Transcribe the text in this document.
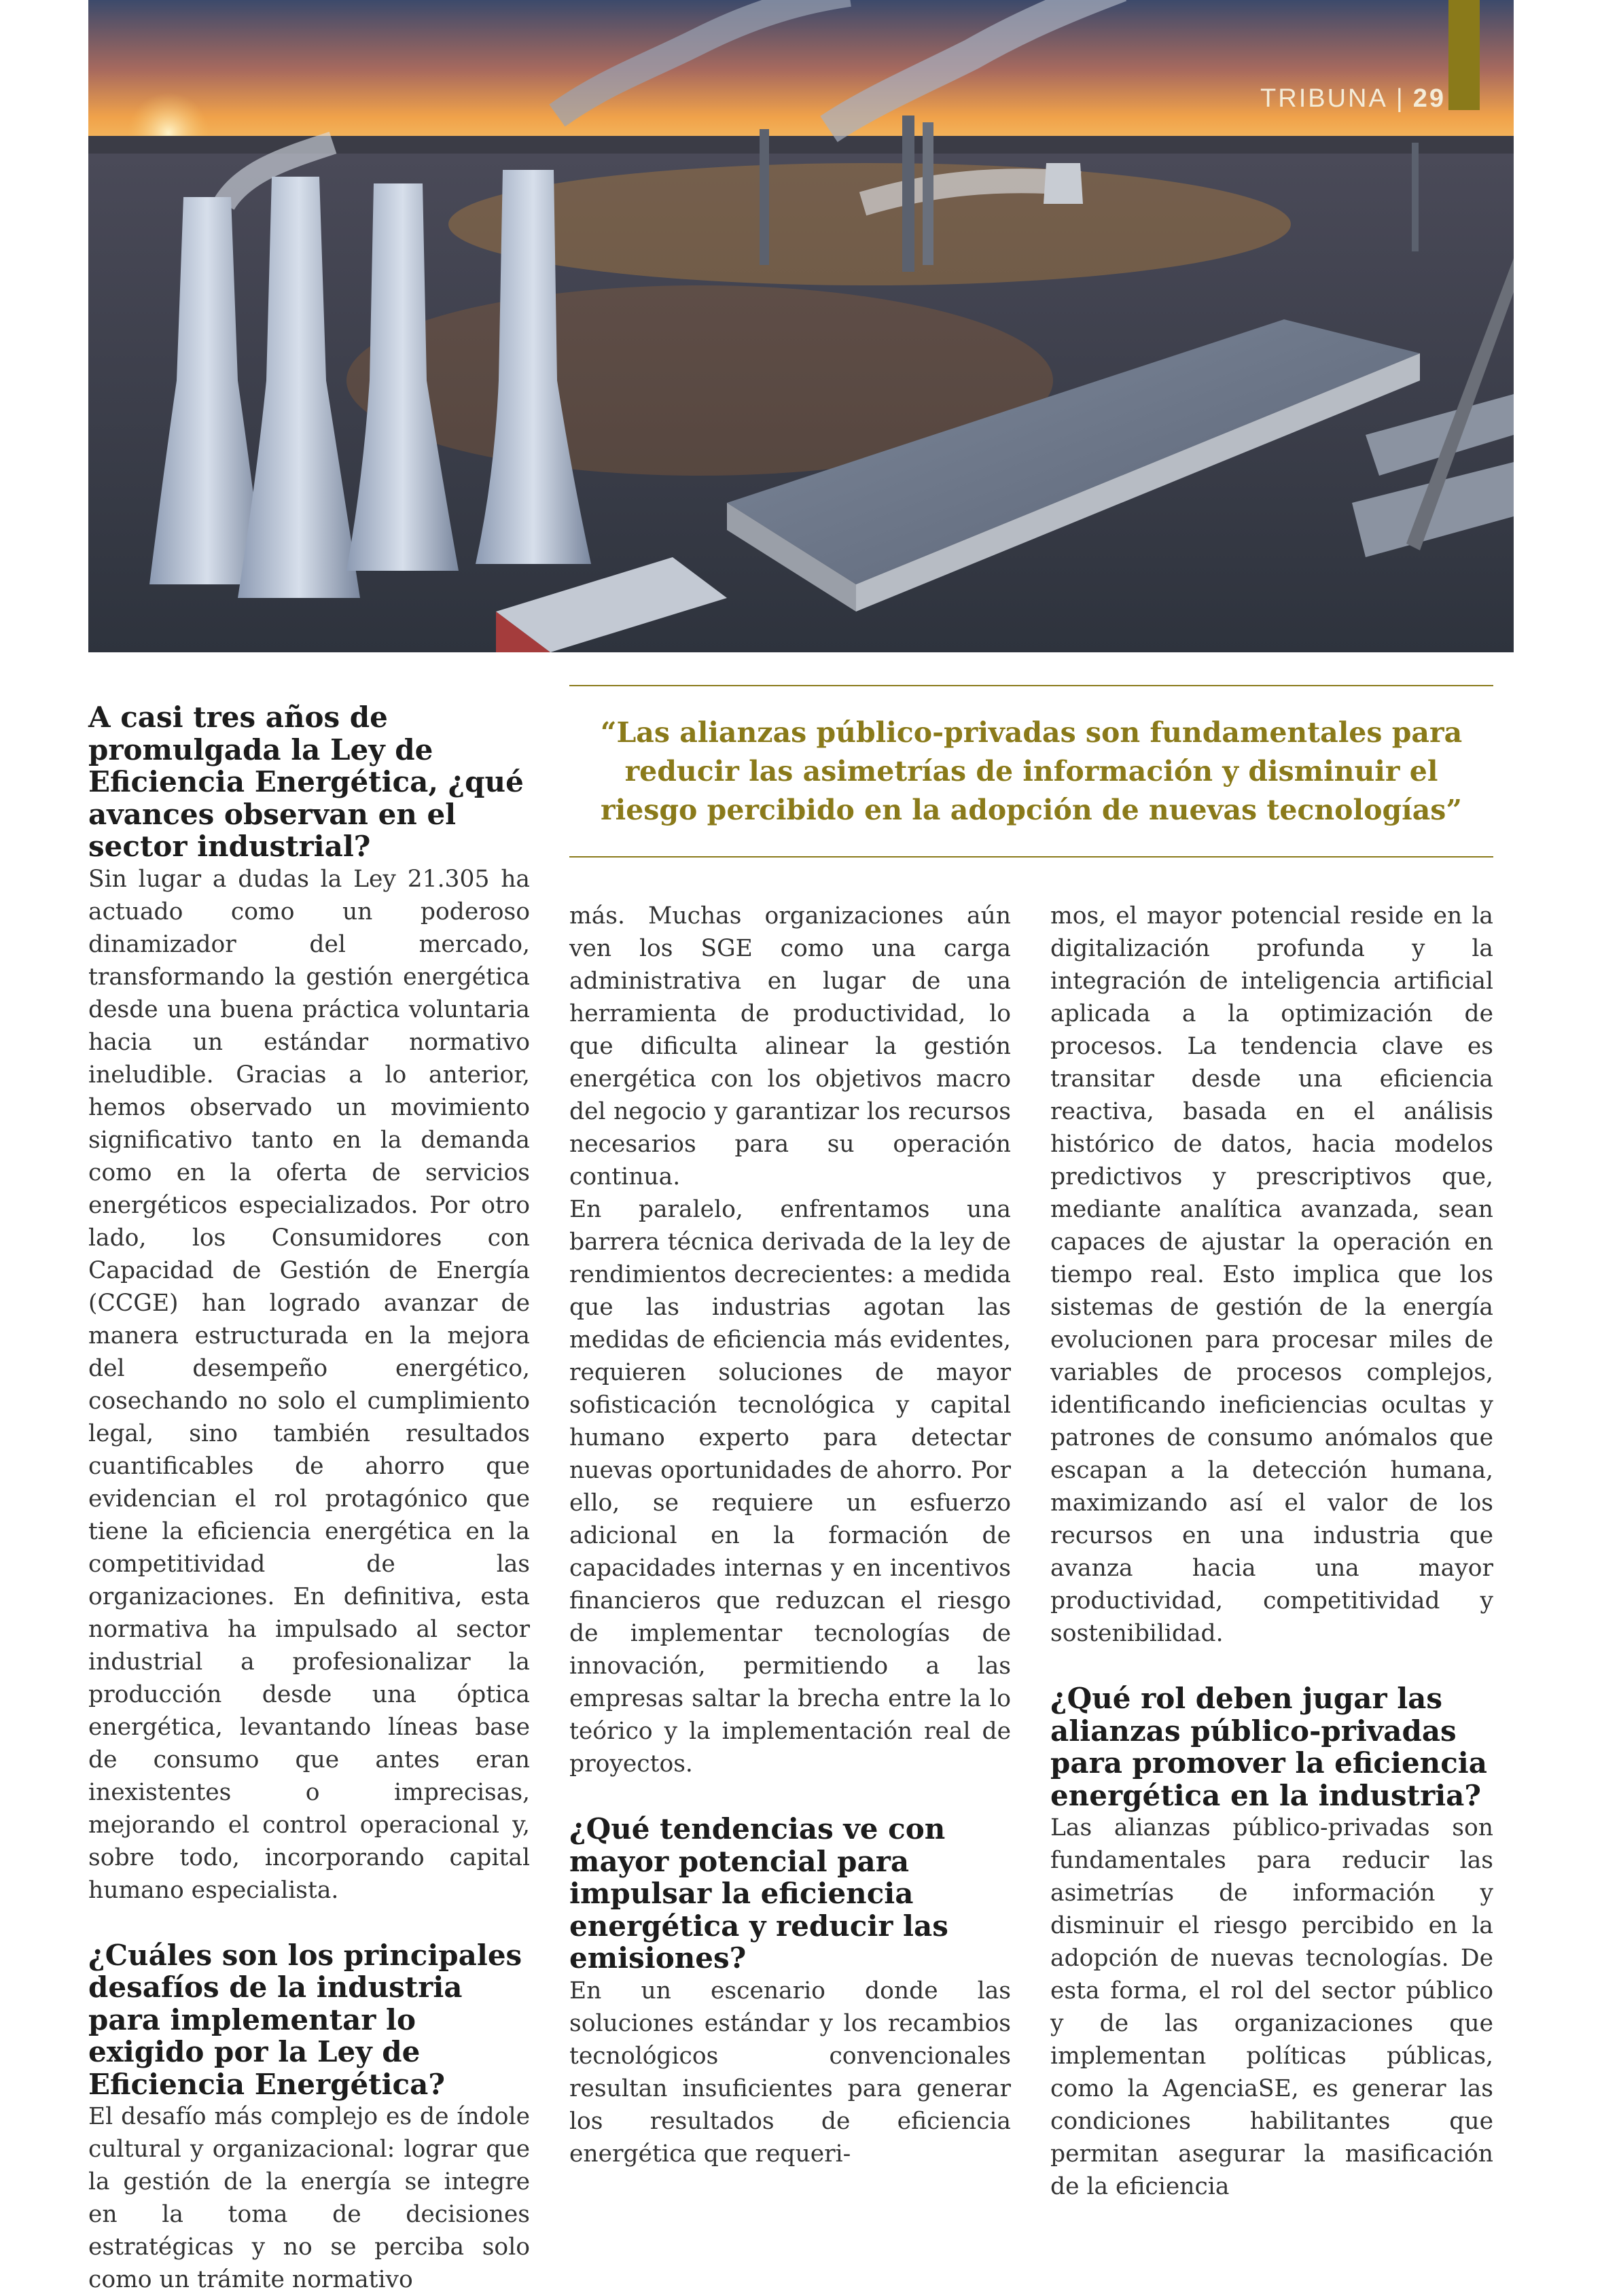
TRIBUNA | 29

“Las alianzas público-privadas son fundamentales para reducir las asimetrías de información y disminuir el riesgo percibido en la adopción de nuevas tecnologías”

A casi tres años de promulgada la Ley de Eficiencia Energética, ¿qué avances observan en el sector industrial?

Sin lugar a dudas la Ley 21.305 ha actuado como un poderoso dinamizador del mercado, transformando la gestión energética desde una buena práctica voluntaria hacia un estándar normativo ineludible. Gracias a lo anterior, hemos observado un movimiento significativo tanto en la demanda como en la oferta de servicios energéticos especializados. Por otro lado, los Consumidores con Capacidad de Gestión de Energía (CCGE) han logrado avanzar de manera estructurada en la mejora del desempeño energético, cosechando no solo el cumplimiento legal, sino también resultados cuantificables de ahorro que evidencian el rol protagónico que tiene la eficiencia energética en la competitividad de las organizaciones. En definitiva, esta normativa ha impulsado al sector industrial a profesionalizar la producción desde una óptica energética, levantando líneas base de consumo que antes eran inexistentes o imprecisas, mejorando el control operacional y, sobre todo, incorporando capital humano especialista.

¿Cuáles son los principales desafíos de la industria para implementar lo exigido por la Ley de Eficiencia Energética?

El desafío más complejo es de índole cultural y organizacional: lograr que la gestión de la energía se integre en la toma de decisiones estratégicas y no se perciba solo como un trámite normativo

más. Muchas organizaciones aún ven los SGE como una carga administrativa en lugar de una herramienta de productividad, lo que dificulta alinear la gestión energética con los objetivos macro del negocio y garantizar los recursos necesarios para su operación continua.

En paralelo, enfrentamos una barrera técnica derivada de la ley de rendimientos decrecientes: a medida que las industrias agotan las medidas de eficiencia más evidentes, requieren soluciones de mayor sofisticación tecnológica y capital humano experto para detectar nuevas oportunidades de ahorro. Por ello, se requiere un esfuerzo adicional en la formación de capacidades internas y en incentivos financieros que reduzcan el riesgo de implementar tecnologías de innovación, permitiendo a las empresas saltar la brecha entre la lo teórico y la implementación real de proyectos.

¿Qué tendencias ve con mayor potencial para impulsar la eficiencia energética y reducir las emisiones?

En un escenario donde las soluciones estándar y los recambios tecnológicos convencionales resultan insuficientes para generar los resultados de eficiencia energética que requeri-

mos, el mayor potencial reside en la digitalización profunda y la integración de inteligencia artificial aplicada a la optimización de procesos. La tendencia clave es transitar desde una eficiencia reactiva, basada en el análisis histórico de datos, hacia modelos predictivos y prescriptivos que, mediante analítica avanzada, sean capaces de ajustar la operación en tiempo real. Esto implica que los sistemas de gestión de la energía evolucionen para procesar miles de variables de procesos complejos, identificando ineficiencias ocultas y patrones de consumo anómalos que escapan a la detección humana, maximizando así el valor de los recursos en una industria que avanza hacia una mayor productividad, competitividad y sostenibilidad.

¿Qué rol deben jugar las alianzas público-privadas para promover la eficiencia energética en la industria?

Las alianzas público-privadas son fundamentales para reducir las asimetrías de información y disminuir el riesgo percibido en la adopción de nuevas tecnologías. De esta forma, el rol del sector público y de las organizaciones que implementan políticas públicas, como la AgenciaSE, es generar las condiciones habilitantes que permitan asegurar la masificación de la eficiencia
